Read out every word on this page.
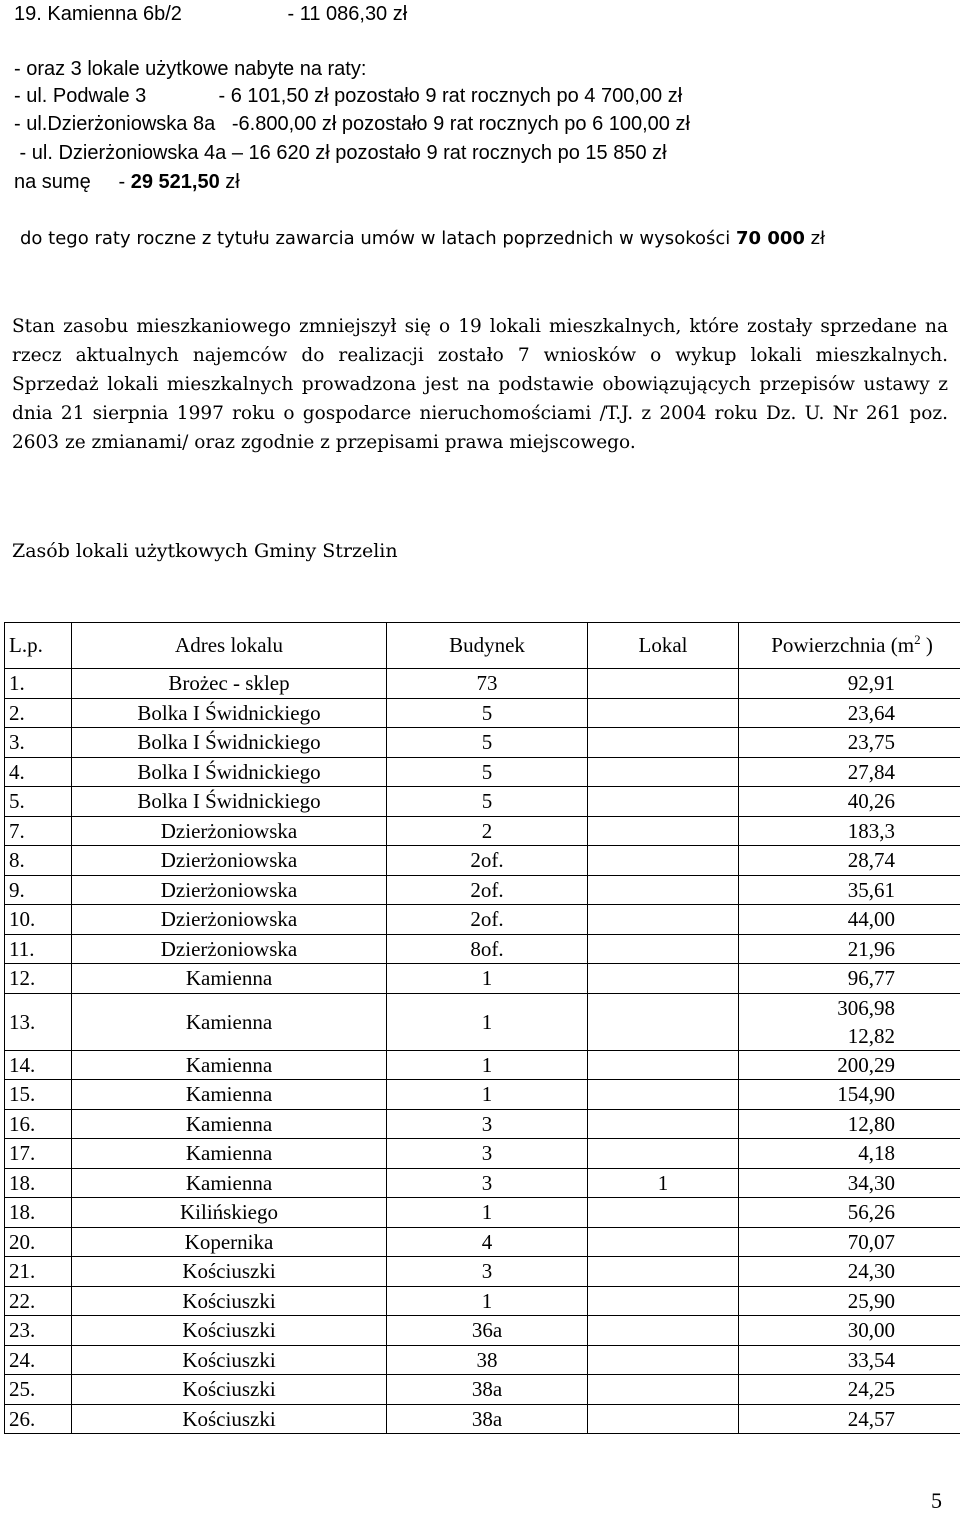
19. Kamienna 6b/2                   - 11 086,30 zł
- oraz 3 lokale użytkowe nabyte na raty:
- ul. Podwale 3             - 6 101,50 zł pozostało 9 rat rocznych po 4 700,00 zł
- ul.Dzierżoniowska 8a   -6.800,00 zł pozostało 9 rat rocznych po 6 100,00 zł
- ul. Dzierżoniowska 4a – 16 620 zł pozostało 9 rat rocznych po 15 850 zł
na sumę     - 29 521,50 zł
do tego raty roczne z tytułu zawarcia umów w latach poprzednich w wysokości 70 000 zł
Stan zasobu mieszkaniowego zmniejszył się o 19 lokali mieszkalnych, które zostały sprzedane na rzecz aktualnych najemców do realizacji zostało 7 wniosków o wykup lokali mieszkalnych. Sprzedaż lokali mieszkalnych prowadzona jest na podstawie obowiązujących przepisów ustawy z dnia 21 sierpnia 1997 roku o gospodarce nieruchomościami /T.J. z 2004 roku Dz. U. Nr 261 poz. 2603 ze zmianami/ oraz zgodnie z przepisami prawa miejscowego.
Zasób lokali użytkowych Gminy Strzelin
L.p.	Adres lokalu	Budynek	Lokal	Powierzchnia ($m^2$ )
1.	Brożec - sklep	73		92,91
2.	Bolka I Świdnickiego	5		23,64
3.	Bolka I Świdnickiego	5		23,75
4.	Bolka I Świdnickiego	5		27,84
5.	Bolka I Świdnickiego	5		40,26
7.	Dzierżoniowska	2		183,3
8.	Dzierżoniowska	2of.		28,74
9.	Dzierżoniowska	2of.		35,61
10.	Dzierżoniowska	2of.		44,00
11.	Dzierżoniowska	8of.		21,96
12.	Kamienna	1		96,77
13.	Kamienna	1		306,98
12,82

14.	Kamienna	1		200,29
15.	Kamienna	1		154,90
16.	Kamienna	3		12,80
17.	Kamienna	3		4,18
18.	Kamienna	3	1	34,30
18.	Kilińskiego	1		56,26
20.	Kopernika	4		70,07
21.	Kościuszki	3		24,30
22.	Kościuszki	1		25,90
23.	Kościuszki	36a		30,00
24.	Kościuszki	38		33,54
25.	Kościuszki	38a		24,25
26.	Kościuszki	38a		24,57
5
